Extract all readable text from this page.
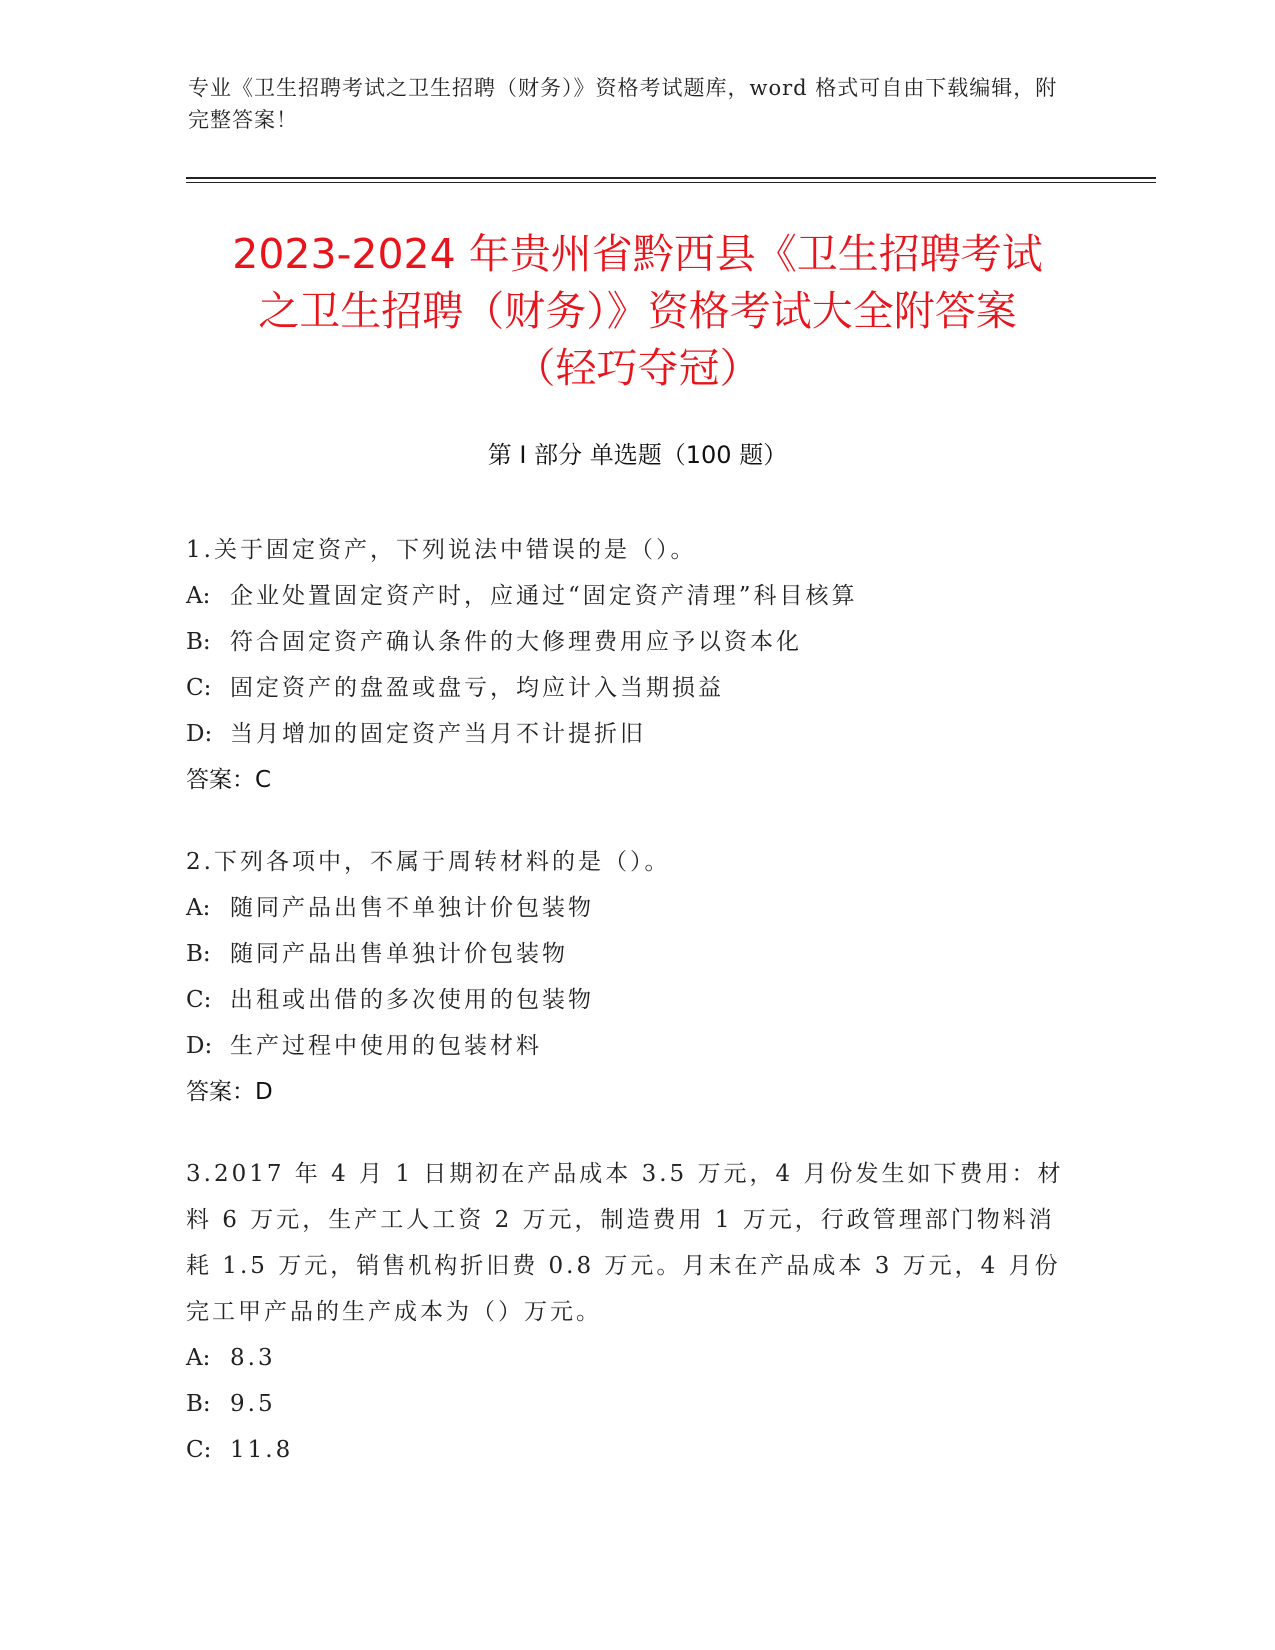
专业《卫生招聘考试之卫生招聘（财务）》资格考试题库，word 格式可自由下载编辑，附完整答案！
2023-2024 年贵州省黔西县《卫生招聘考试
之卫生招聘（财务）》资格考试大全附答案
（轻巧夺冠）
第 I 部分 单选题（100 题）
1.关于固定资产，下列说法中错误的是（）。
A: 企业处置固定资产时，应通过“固定资产清理”科目核算
B: 符合固定资产确认条件的大修理费用应予以资本化
C: 固定资产的盘盈或盘亏，均应计入当期损益
D: 当月增加的固定资产当月不计提折旧
答案：C
2.下列各项中，不属于周转材料的是（）。
A: 随同产品出售不单独计价包装物
B: 随同产品出售单独计价包装物
C: 出租或出借的多次使用的包装物
D: 生产过程中使用的包装材料
答案：D
3.2017 年 4 月 1 日期初在产品成本 3.5 万元，4 月份发生如下费用：材料 6 万元，生产工人工资 2 万元，制造费用 1 万元，行政管理部门物料消耗 1.5 万元，销售机构折旧费 0.8 万元。月末在产品成本 3 万元，4 月份完工甲产品的生产成本为（）万元。
A: 8.3
B: 9.5
C: 11.8
